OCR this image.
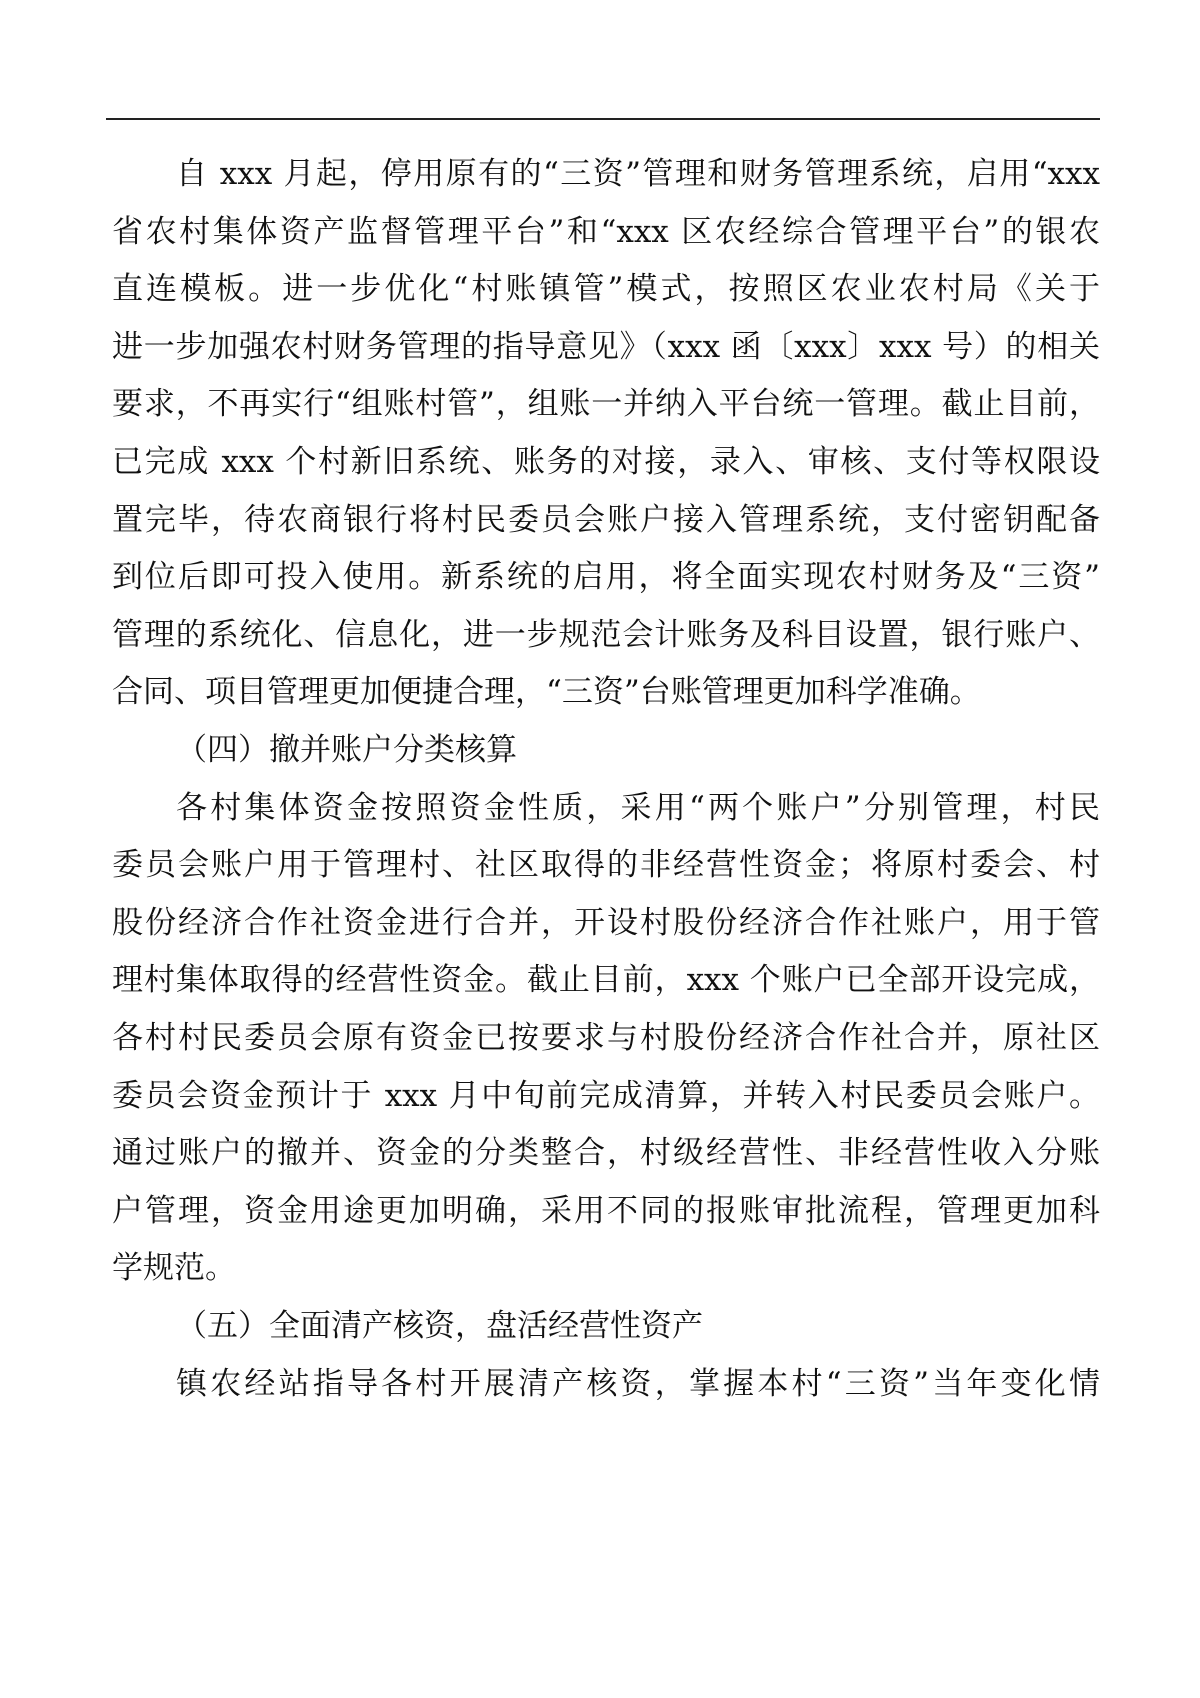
自 xxx 月起，停用原有的“三资”管理和财务管理系统，启用“xxx
省农村集体资产监督管理平台”和“xxx 区农经综合管理平台”的银农
直连模板。进一步优化“村账镇管”模式，按照区农业农村局《关于
进一步加强农村财务管理的指导意见》（xxx 函〔xxx〕xxx 号）的相关
要求，不再实行“组账村管”，组账一并纳入平台统一管理。截止目前，
已完成 xxx 个村新旧系统、账务的对接，录入、审核、支付等权限设
置完毕，待农商银行将村民委员会账户接入管理系统，支付密钥配备
到位后即可投入使用。新系统的启用，将全面实现农村财务及“三资”
管理的系统化、信息化，进一步规范会计账务及科目设置，银行账户、
合同、项目管理更加便捷合理，“三资”台账管理更加科学准确。
（四）撤并账户分类核算
各村集体资金按照资金性质，采用“两个账户”分别管理，村民
委员会账户用于管理村、社区取得的非经营性资金；将原村委会、村
股份经济合作社资金进行合并，开设村股份经济合作社账户，用于管
理村集体取得的经营性资金。截止目前，xxx 个账户已全部开设完成，
各村村民委员会原有资金已按要求与村股份经济合作社合并，原社区
委员会资金预计于 xxx 月中旬前完成清算，并转入村民委员会账户。
通过账户的撤并、资金的分类整合，村级经营性、非经营性收入分账
户管理，资金用途更加明确，采用不同的报账审批流程，管理更加科
学规范。
（五）全面清产核资，盘活经营性资产
镇农经站指导各村开展清产核资，掌握本村“三资”当年变化情
